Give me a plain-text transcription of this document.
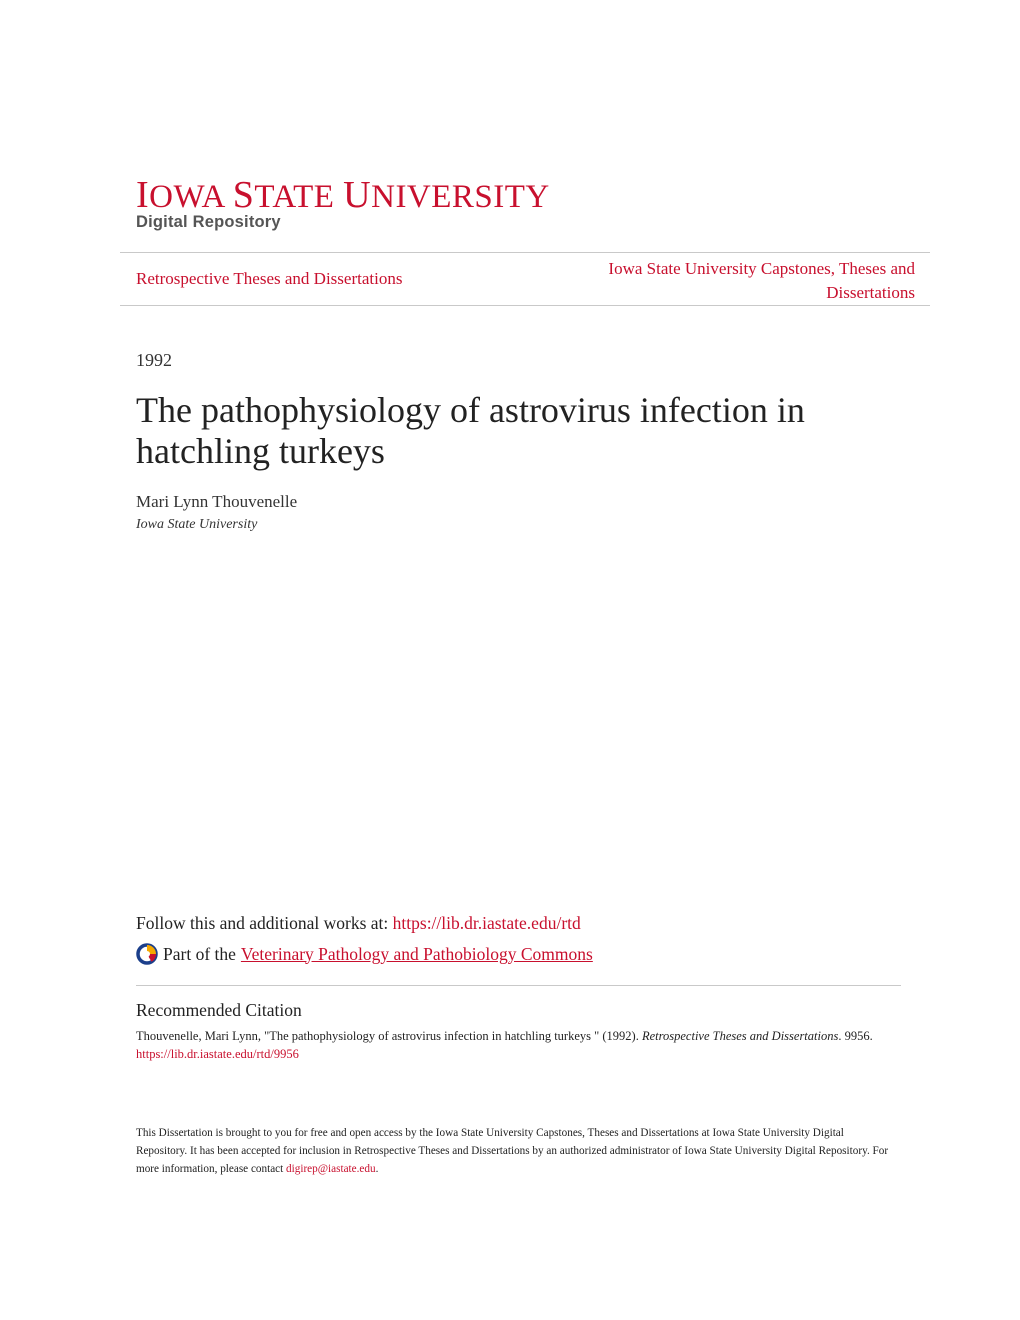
IOWA STATE UNIVERSITY
Digital Repository
Retrospective Theses and Dissertations
Iowa State University Capstones, Theses and Dissertations
1992
The pathophysiology of astrovirus infection in hatchling turkeys
Mari Lynn Thouvenelle
Iowa State University
Follow this and additional works at: https://lib.dr.iastate.edu/rtd
Part of the Veterinary Pathology and Pathobiology Commons
Recommended Citation
Thouvenelle, Mari Lynn, "The pathophysiology of astrovirus infection in hatchling turkeys " (1992). Retrospective Theses and Dissertations. 9956.
https://lib.dr.iastate.edu/rtd/9956
This Dissertation is brought to you for free and open access by the Iowa State University Capstones, Theses and Dissertations at Iowa State University Digital Repository. It has been accepted for inclusion in Retrospective Theses and Dissertations by an authorized administrator of Iowa State University Digital Repository. For more information, please contact digirep@iastate.edu.
